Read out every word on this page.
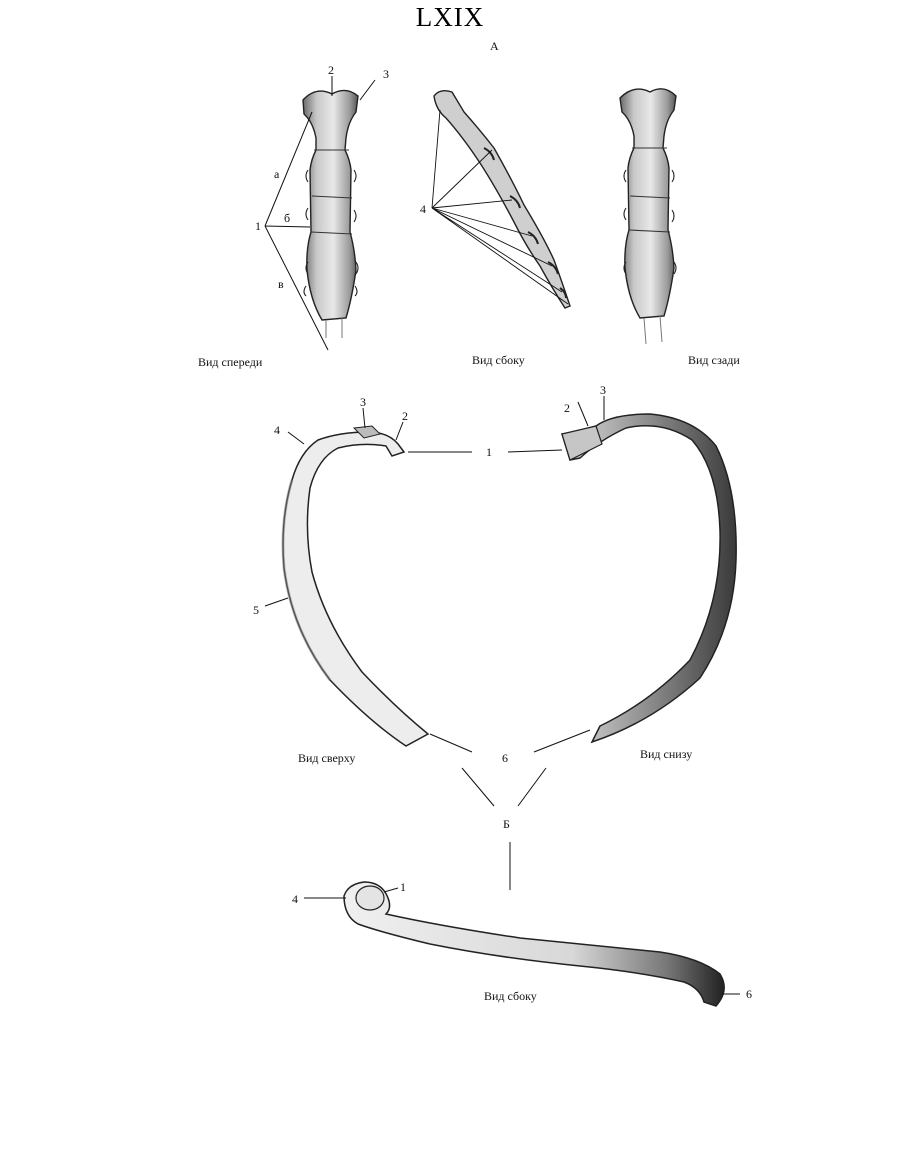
LXIX
А
2	3
а
б
1
в
4
Вид спереди	Вид сбоку	Вид сзади
3
2
4
1
2
3
5
6
Вид сверху	Вид снизу
Б
4
1
6
Вид сбоку
